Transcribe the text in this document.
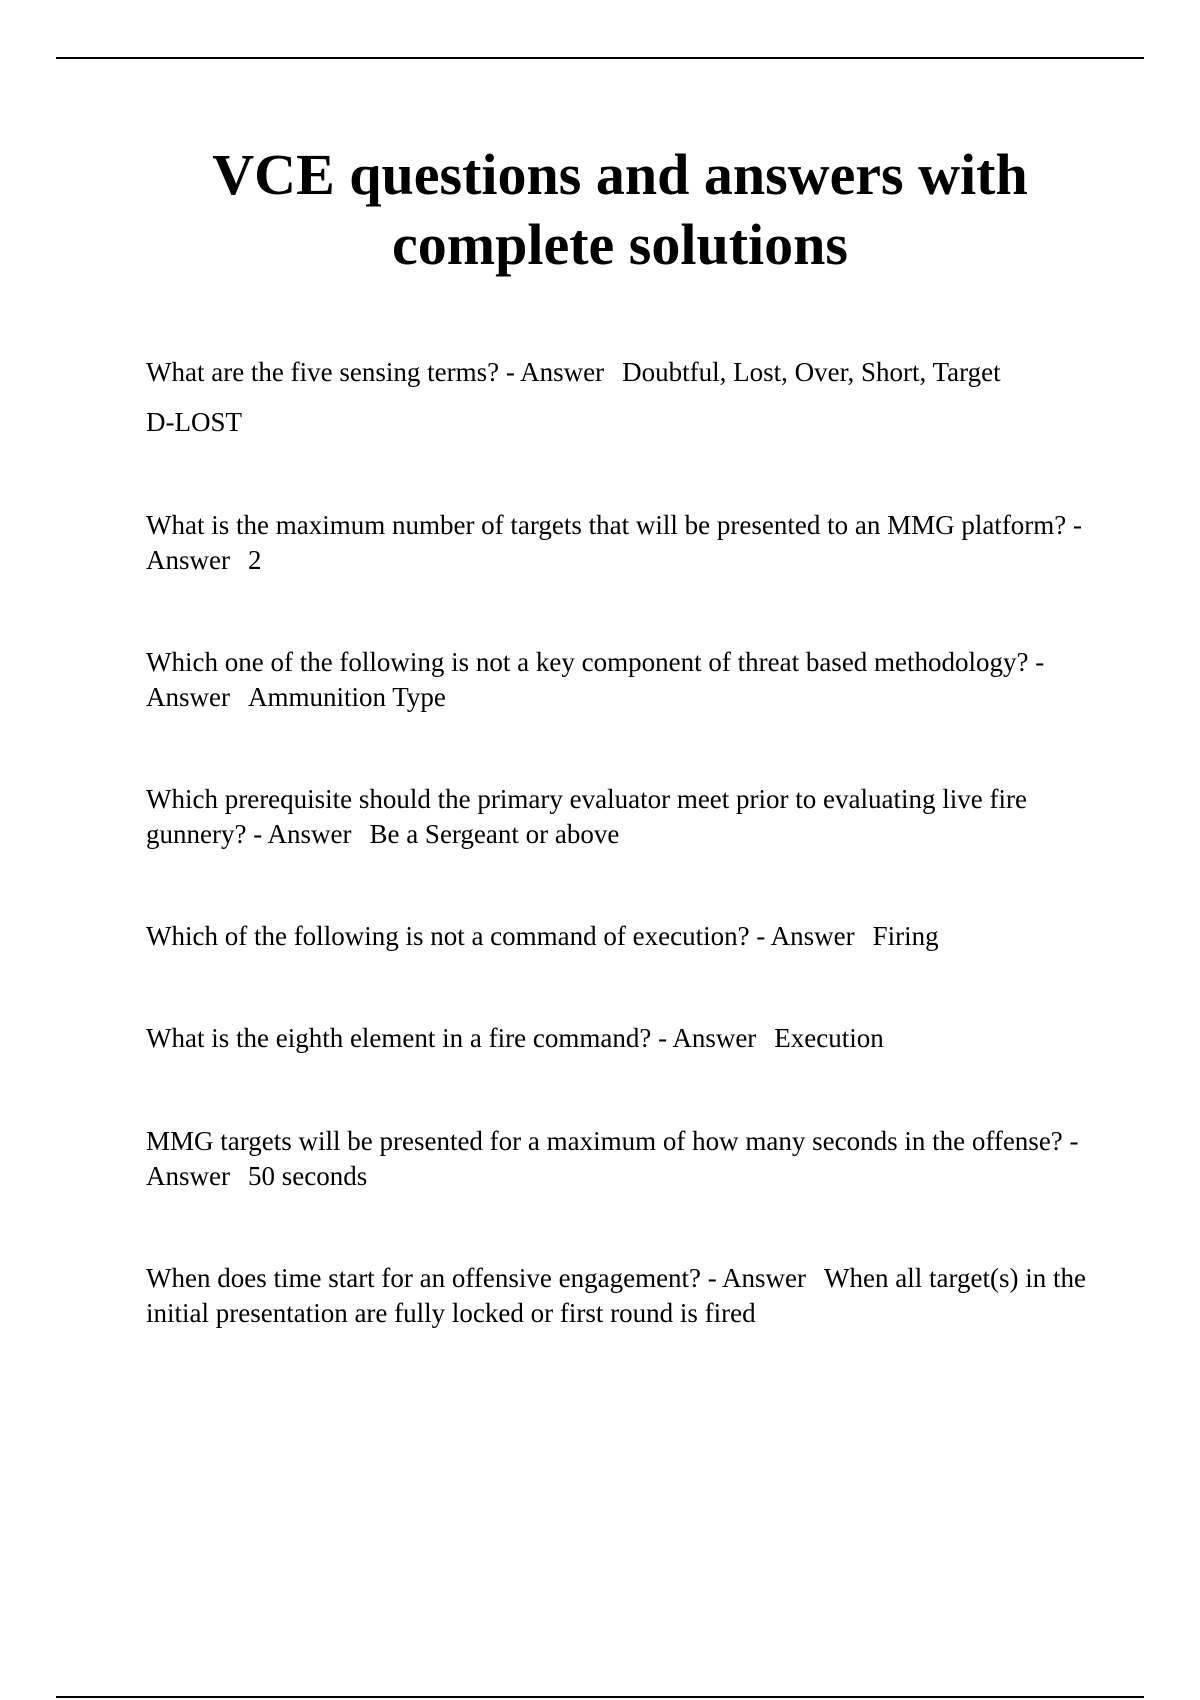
VCE questions and answers with complete solutions

What are the five sensing terms? - Answer Doubtful, Lost, Over, Short, Target

D-LOST

What is the maximum number of targets that will be presented to an MMG platform? - Answer 2

Which one of the following is not a key component of threat based methodology? - Answer Ammunition Type

Which prerequisite should the primary evaluator meet prior to evaluating live fire gunnery? - Answer Be a Sergeant or above

Which of the following is not a command of execution? - Answer Firing

What is the eighth element in a fire command? - Answer Execution

MMG targets will be presented for a maximum of how many seconds in the offense? - Answer 50 seconds

When does time start for an offensive engagement? - Answer When all target(s) in the initial presentation are fully locked or first round is fired
